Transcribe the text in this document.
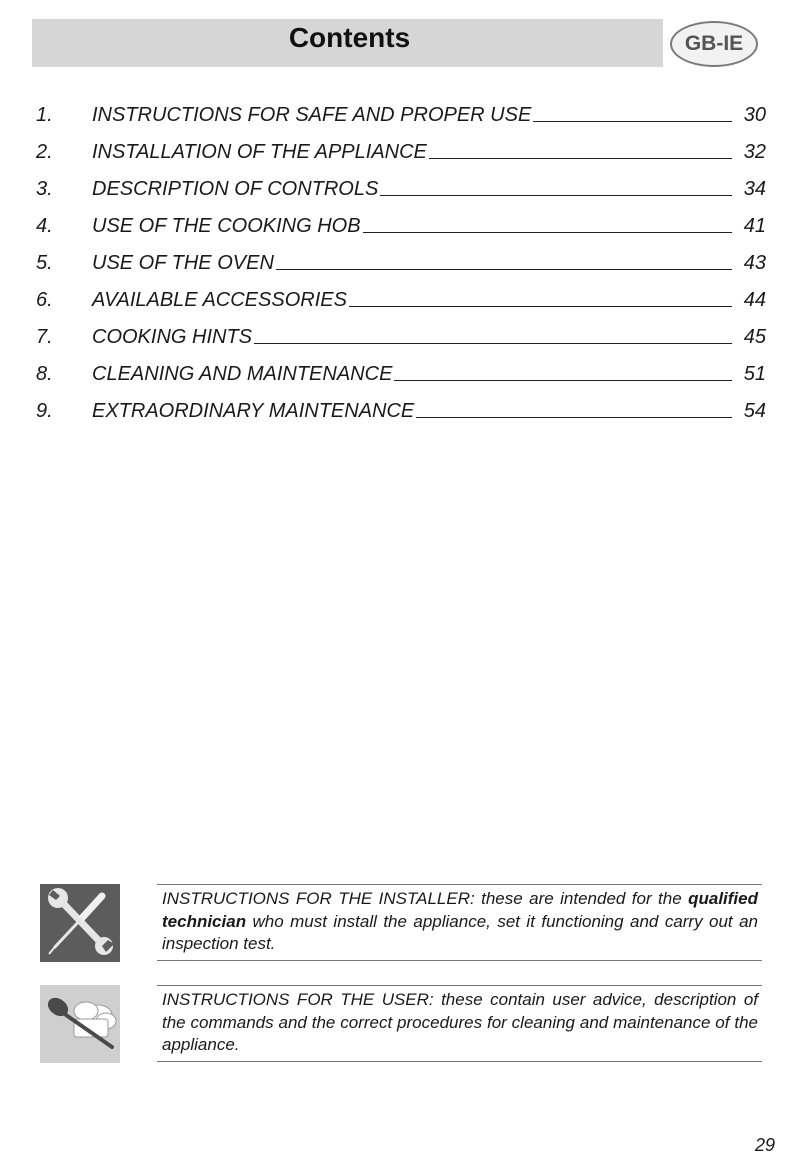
Contents	GB-IE
1.	INSTRUCTIONS FOR SAFE AND PROPER USE	30
2.	INSTALLATION OF THE APPLIANCE	32
3.	DESCRIPTION OF CONTROLS	34
4.	USE OF THE COOKING HOB	41
5.	USE OF THE OVEN	43
6.	AVAILABLE ACCESSORIES	44
7.	COOKING HINTS	45
8.	CLEANING AND MAINTENANCE	51
9.	EXTRAORDINARY MAINTENANCE	54
INSTRUCTIONS FOR THE INSTALLER: these are intended for the qualified technician who must install the appliance, set it functioning and carry out an inspection test.
INSTRUCTIONS FOR THE USER: these contain user advice, description of the commands and the correct procedures for cleaning and maintenance of the appliance.
29
